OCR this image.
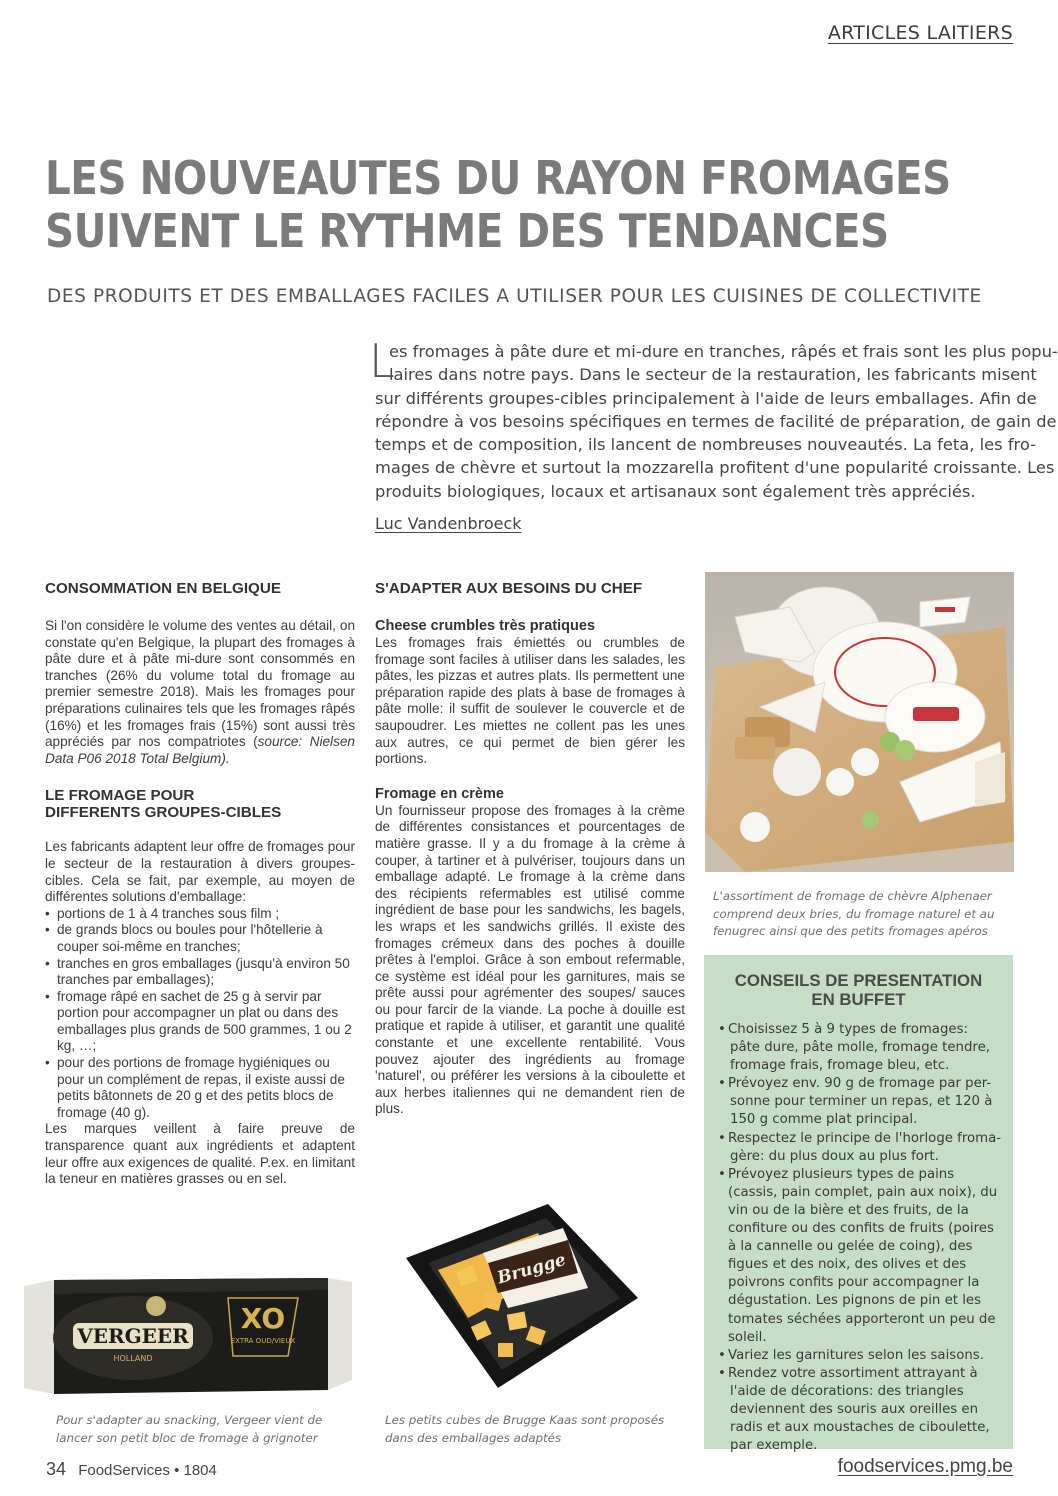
ARTICLES LAITIERS
LES NOUVEAUTES DU RAYON FROMAGES
SUIVENT LE RYTHME DES TENDANCES
DES PRODUITS ET DES EMBALLAGES FACILES A UTILISER POUR LES CUISINES DE COLLECTIVITE
L
es fromages à pâte dure et mi-dure en tranches, râpés et frais sont les plus popu-
laires dans notre pays. Dans le secteur de la restauration, les fabricants misent
sur différents groupes-cibles principalement à l'aide de leurs emballages. Afin de
répondre à vos besoins spécifiques en termes de facilité de préparation, de gain de
temps et de composition, ils lancent de nombreuses nouveautés. La feta, les fro-
mages de chèvre et surtout la mozzarella profitent d'une popularité croissante. Les
produits biologiques, locaux et artisanaux sont également très appréciés.
Luc Vandenbroeck
CONSOMMATION EN BELGIQUE

Si l'on considère le volume des ventes au détail, on constate qu'en Belgique, la plupart des fromages à pâte dure et à pâte mi-dure sont consommés en tranches (26% du volume total du fromage au premier semestre 2018). Mais les fromages pour préparations culinaires tels que les fromages râpés (16%) et les fromages frais (15%) sont aussi très appréciés par nos compatriotes (source: Nielsen Data P06 2018 Total Belgium).

LE FROMAGE POUR
DIFFERENTS GROUPES-CIBLES

Les fabricants adaptent leur offre de fromages pour le secteur de la restauration à divers groupes-cibles. Cela se fait, par exemple, au moyen de différentes solutions d'emballage:

• portions de 1 à 4 tranches sous film ;
• de grands blocs ou boules pour l'hôtellerie à couper soi-même en tranches;
• tranches en gros emballages (jusqu'à environ 50 tranches par emballages);
• fromage râpé en sachet de 25 g à servir par portion pour accompagner un plat ou dans des emballages plus grands de 500 grammes, 1 ou 2 kg, …;
• pour des portions de fromage hygiéniques ou pour un complément de repas, il existe aussi de petits bâtonnets de 20 g et des petits blocs de fromage (40 g).

Les marques veillent à faire preuve de transparence quant aux ingrédients et adaptent leur offre aux exigences de qualité. P.ex. en limitant la teneur en matières grasses ou en sel.

S'ADAPTER AUX BESOINS DU CHEF
Cheese crumbles très pratiques

Les fromages frais émiettés ou crumbles de fromage sont faciles à utiliser dans les salades, les pâtes, les pizzas et autres plats. Ils permettent une préparation rapide des plats à base de fromages à pâte molle: il suffit de soulever le couvercle et de saupoudrer. Les miettes ne collent pas les unes aux autres, ce qui permet de bien gérer les portions.

Fromage en crème

Un fournisseur propose des fromages à la crème de différentes consistances et pourcentages de matière grasse. Il y a du fromage à la crème à couper, à tartiner et à pulvériser, toujours dans un emballage adapté. Le fromage à la crème dans des récipients refermables est utilisé comme ingrédient de base pour les sandwichs, les bagels, les wraps et les sandwichs grillés. Il existe des fromages crémeux dans des poches à douille prêtes à l'emploi. Grâce à son embout refermable, ce système est idéal pour les garnitures, mais se prête aussi pour agrémenter des soupes/ sauces ou pour farcir de la viande. La poche à douille est pratique et rapide à utiliser, et garantit une qualité constante et une excellente rentabilité. Vous pouvez ajouter des ingrédients au fromage 'naturel', ou préférer les versions à la ciboulette et aux herbes italiennes qui ne demandent rien de plus.

L'assortiment de fromage de chèvre Alphenaer comprend deux bries, du fromage naturel et au fenugrec ainsi que des petits fromages apéros
CONSEILS DE PRESENTATION
EN BUFFET
• Choisissez 5 à 9 types de fromages:
pâte dure, pâte molle, fromage tendre, fromage frais, fromage bleu, etc.
• Prévoyez env. 90 g de fromage par per-
sonne pour terminer un repas, et 120 à 150 g comme plat principal.
• Respectez le principe de l'horloge froma-
gère: du plus doux au plus fort.
• Prévoyez plusieurs types de pains
(cassis, pain complet, pain aux noix), du vin ou de la bière et des fruits, de la confiture ou des confits de fruits (poires à la cannelle ou gelée de coing), des figues et des noix, des olives et des poivrons confits pour accompagner la dégustation. Les pignons de pin et les tomates séchées apporteront un peu de soleil.
• Variez les garnitures selon les saisons.
• Rendez votre assortiment attrayant à
l'aide de décorations: des triangles deviennent des souris aux oreilles en radis et aux moustaches de ciboulette, par exemple.
VERGEER
HOLLAND
XO
EXTRA OUD/VIEUX
Pour s'adapter au snacking, Vergeer vient de lancer son petit bloc de fromage à grignoter
Brugge
Les petits cubes de Brugge Kaas sont proposés dans des emballages adaptés
34 FoodServices • 1804	foodservices.pmg.be
